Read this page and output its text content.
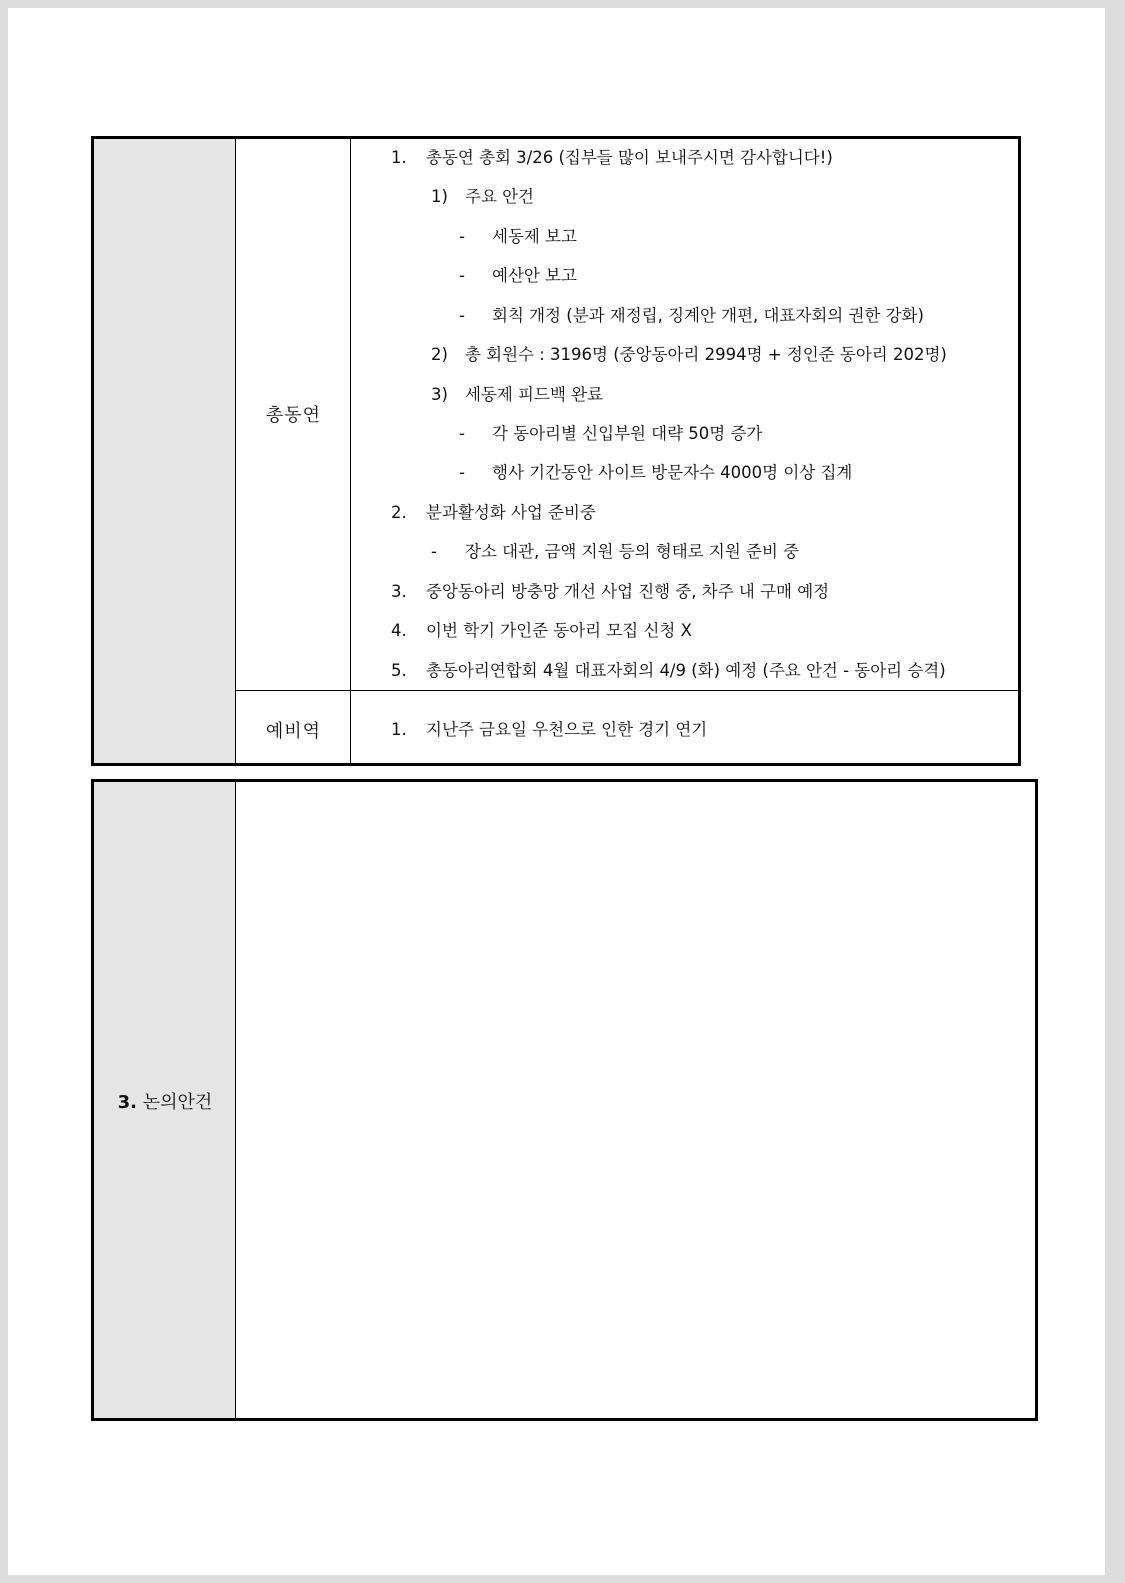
총동연
예비역
1. 총동연 총회 3/26 (집부들 많이 보내주시면 감사합니다!)
1) 주요 안건
- 세동제 보고
- 예산안 보고
- 회칙 개정 (분과 재정립, 징계안 개편, 대표자회의 권한 강화)
2) 총 회원수 : 3196명 (중앙동아리 2994명 + 정인준 동아리 202명)
3) 세동제 피드백 완료
- 각 동아리별 신입부원 대략 50명 증가
- 행사 기간동안 사이트 방문자수 4000명 이상 집계
2. 분과활성화 사업 준비중
- 장소 대관, 금액 지원 등의 형태로 지원 준비 중
3. 중앙동아리 방충망 개선 사업 진행 중, 차주 내 구매 예정
4. 이번 학기 가인준 동아리 모집 신청 X
5. 총동아리연합회 4월 대표자회의 4/9 (화) 예정 (주요 안건 - 동아리 승격)
1. 지난주 금요일 우천으로 인한 경기 연기
3. 논의안건
